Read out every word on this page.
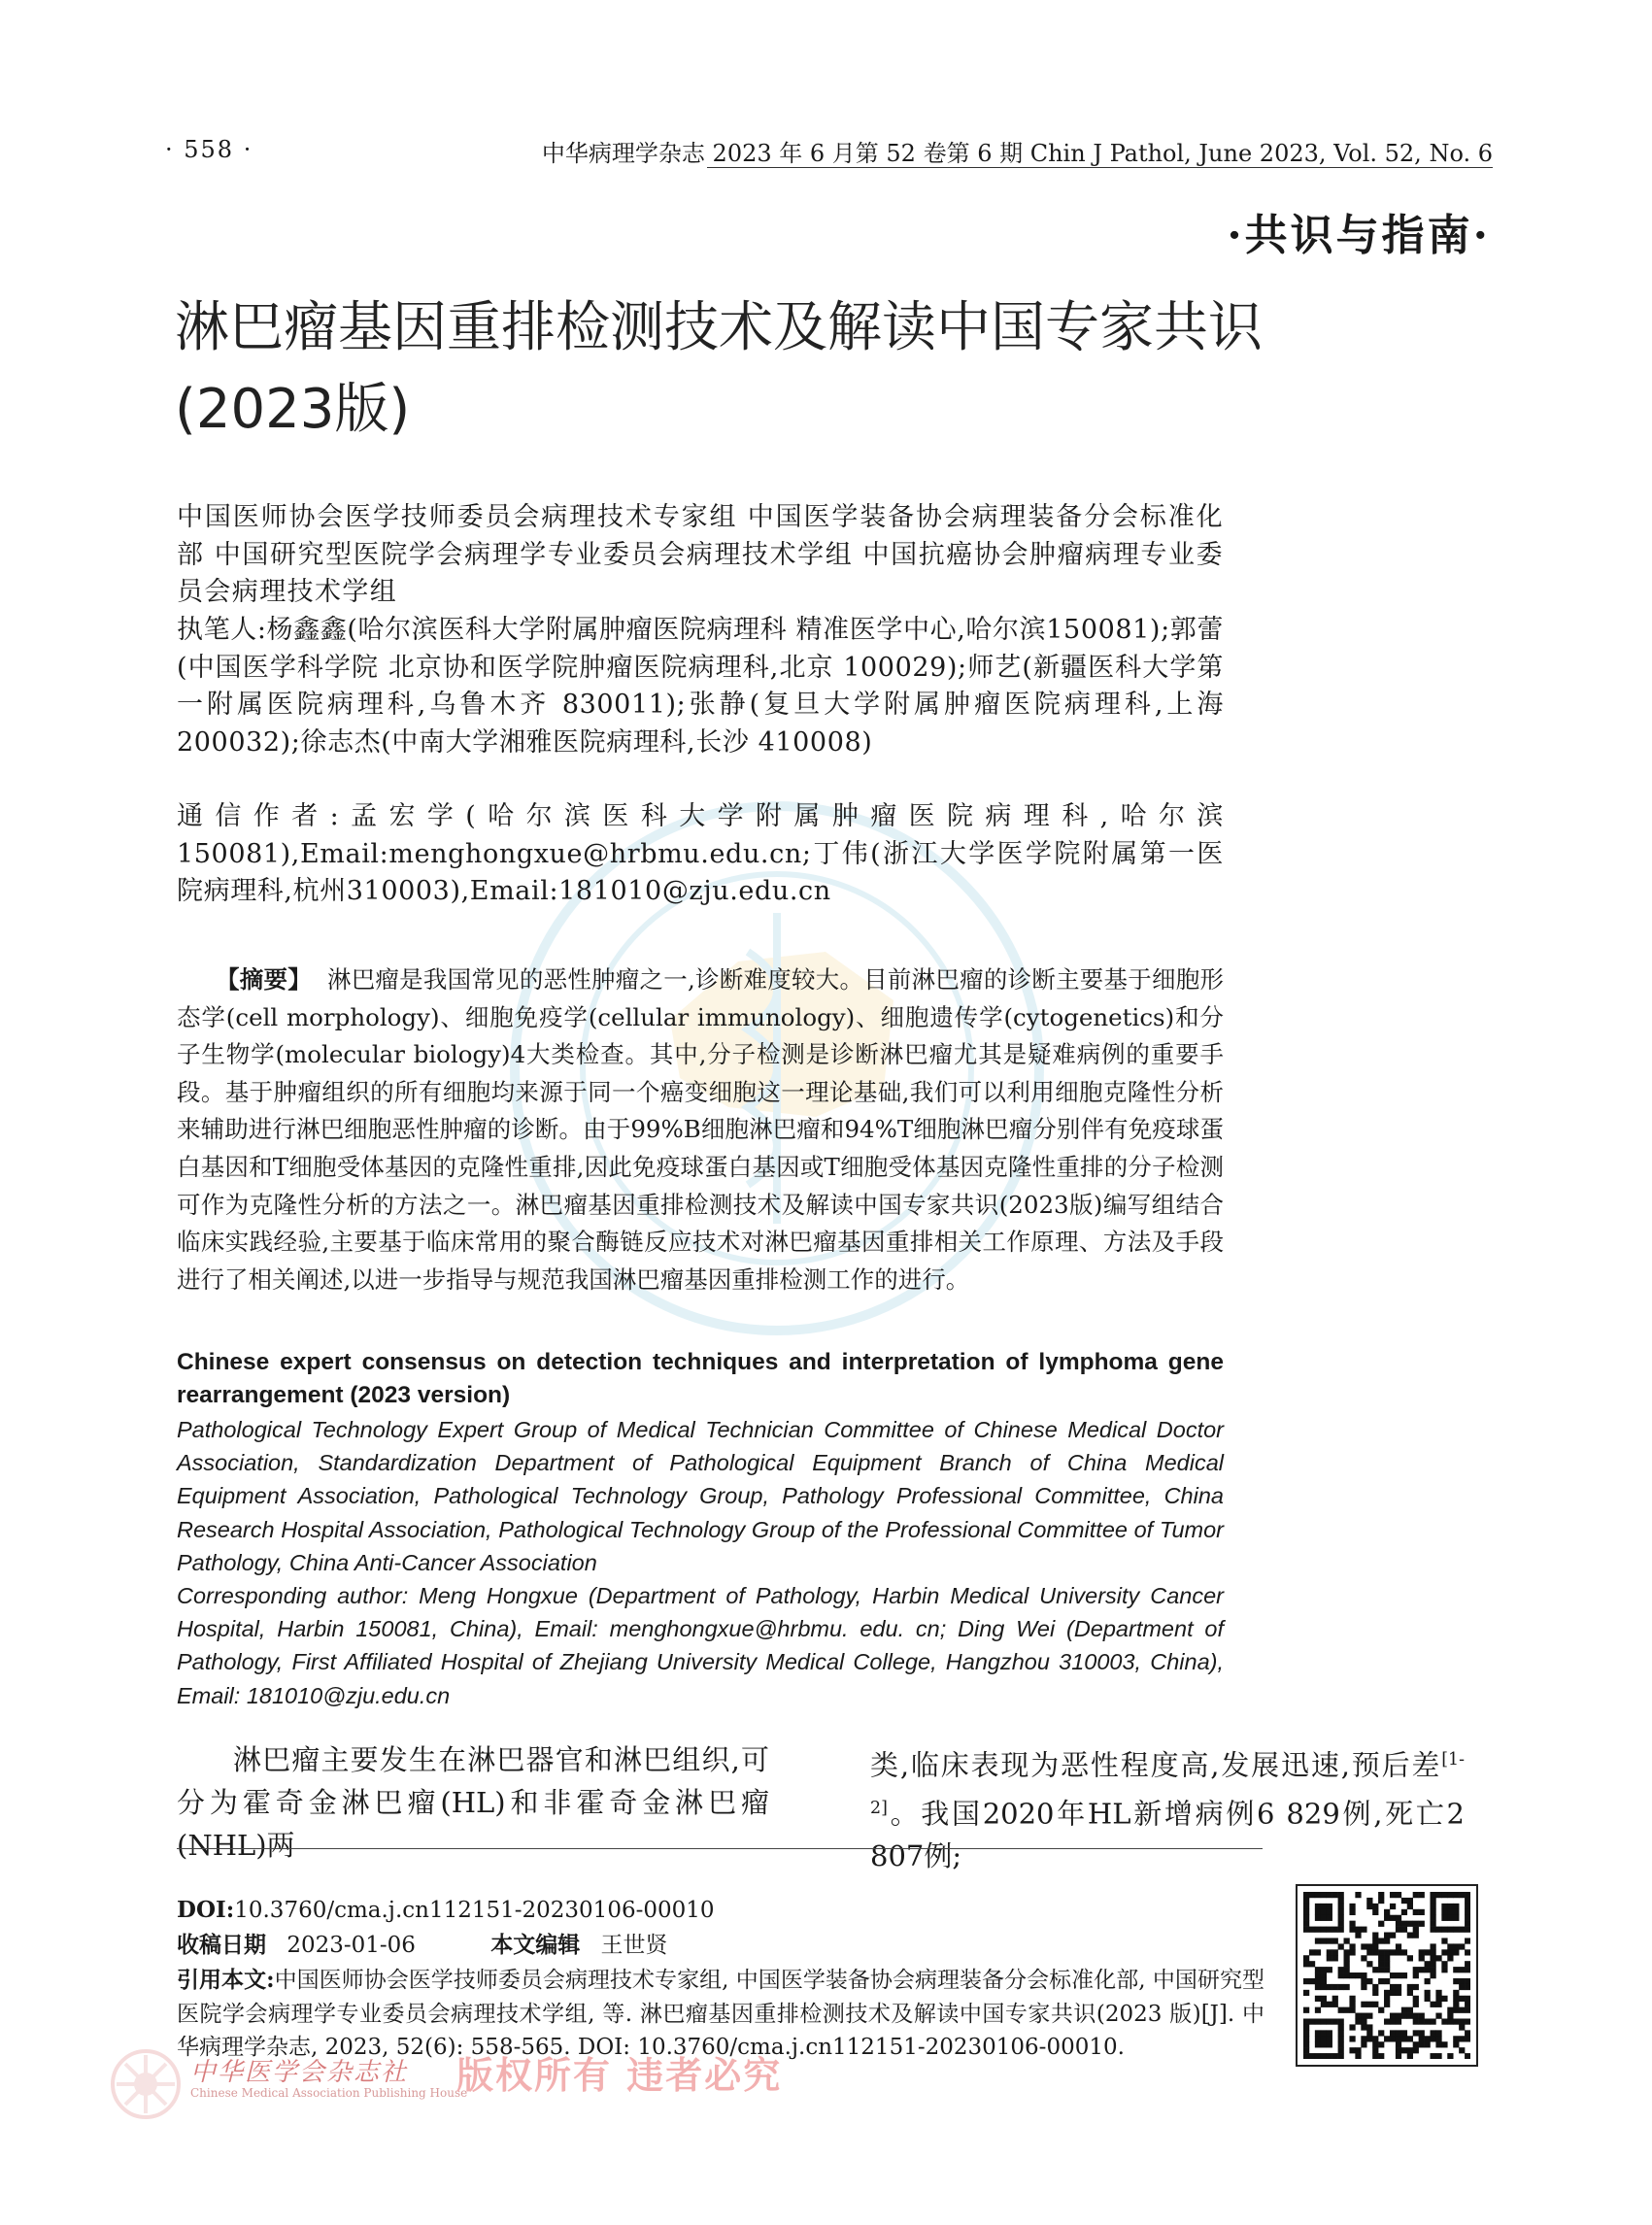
· 558 ·	中华病理学杂志 2023 年 6 月第 52 卷第 6 期 Chin J Pathol, June 2023, Vol. 52, No. 6
·共识与指南·
淋巴瘤基因重排检测技术及解读中国专家共识(2023版)
中国医师协会医学技师委员会病理技术专家组 中国医学装备协会病理装备分会标准化部 中国研究型医院学会病理学专业委员会病理技术学组 中国抗癌协会肿瘤病理专业委员会病理技术学组
执笔人:杨鑫鑫(哈尔滨医科大学附属肿瘤医院病理科 精准医学中心,哈尔滨150081);郭蕾(中国医学科学院 北京协和医学院肿瘤医院病理科,北京 100029);师艺(新疆医科大学第一附属医院病理科,乌鲁木齐 830011);张静(复旦大学附属肿瘤医院病理科,上海 200032);徐志杰(中南大学湘雅医院病理科,长沙 410008)
通信作者:孟宏学(哈尔滨医科大学附属肿瘤医院病理科,哈尔滨 150081),Email:menghongxue@hrbmu.edu.cn;丁伟(浙江大学医学院附属第一医院病理科,杭州310003),Email:181010@zju.edu.cn
【摘要】 淋巴瘤是我国常见的恶性肿瘤之一,诊断难度较大。目前淋巴瘤的诊断主要基于细胞形态学(cell morphology)、细胞免疫学(cellular immunology)、细胞遗传学(cytogenetics)和分子生物学(molecular biology)4大类检查。其中,分子检测是诊断淋巴瘤尤其是疑难病例的重要手段。基于肿瘤组织的所有细胞均来源于同一个癌变细胞这一理论基础,我们可以利用细胞克隆性分析来辅助进行淋巴细胞恶性肿瘤的诊断。由于99%B细胞淋巴瘤和94%T细胞淋巴瘤分别伴有免疫球蛋白基因和T细胞受体基因的克隆性重排,因此免疫球蛋白基因或T细胞受体基因克隆性重排的分子检测可作为克隆性分析的方法之一。淋巴瘤基因重排检测技术及解读中国专家共识(2023版)编写组结合临床实践经验,主要基于临床常用的聚合酶链反应技术对淋巴瘤基因重排相关工作原理、方法及手段进行了相关阐述,以进一步指导与规范我国淋巴瘤基因重排检测工作的进行。
Chinese expert consensus on detection techniques and interpretation of lymphoma gene rearrangement (2023 version)
Pathological Technology Expert Group of Medical Technician Committee of Chinese Medical Doctor Association, Standardization Department of Pathological Equipment Branch of China Medical Equipment Association, Pathological Technology Group, Pathology Professional Committee, China Research Hospital Association, Pathological Technology Group of the Professional Committee of Tumor Pathology, China Anti-Cancer Association
Corresponding author: Meng Hongxue (Department of Pathology, Harbin Medical University Cancer Hospital, Harbin 150081, China), Email: menghongxue@hrbmu. edu. cn; Ding Wei (Department of Pathology, First Affiliated Hospital of Zhejiang University Medical College, Hangzhou 310003, China), Email: 181010@zju.edu.cn
淋巴瘤主要发生在淋巴器官和淋巴组织,可分为霍奇金淋巴瘤(HL)和非霍奇金淋巴瘤(NHL)两
类,临床表现为恶性程度高,发展迅速,预后差[1-2]。我国2020年HL新增病例6 829例,死亡2 807例;
DOI:10.3760/cma.j.cn112151-20230106-00010
收稿日期 2023-01-06	本文编辑 王世贤
引用本文:中国医师协会医学技师委员会病理技术专家组, 中国医学装备协会病理装备分会标准化部, 中国研究型医院学会病理学专业委员会病理技术学组, 等. 淋巴瘤基因重排检测技术及解读中国专家共识(2023 版)[J]. 中华病理学杂志, 2023, 52(6): 558-565. DOI: 10.3760/cma.j.cn112151-20230106-00010.
中华医学会杂志社
Chinese Medical Association Publishing House
版权所有 违者必究
